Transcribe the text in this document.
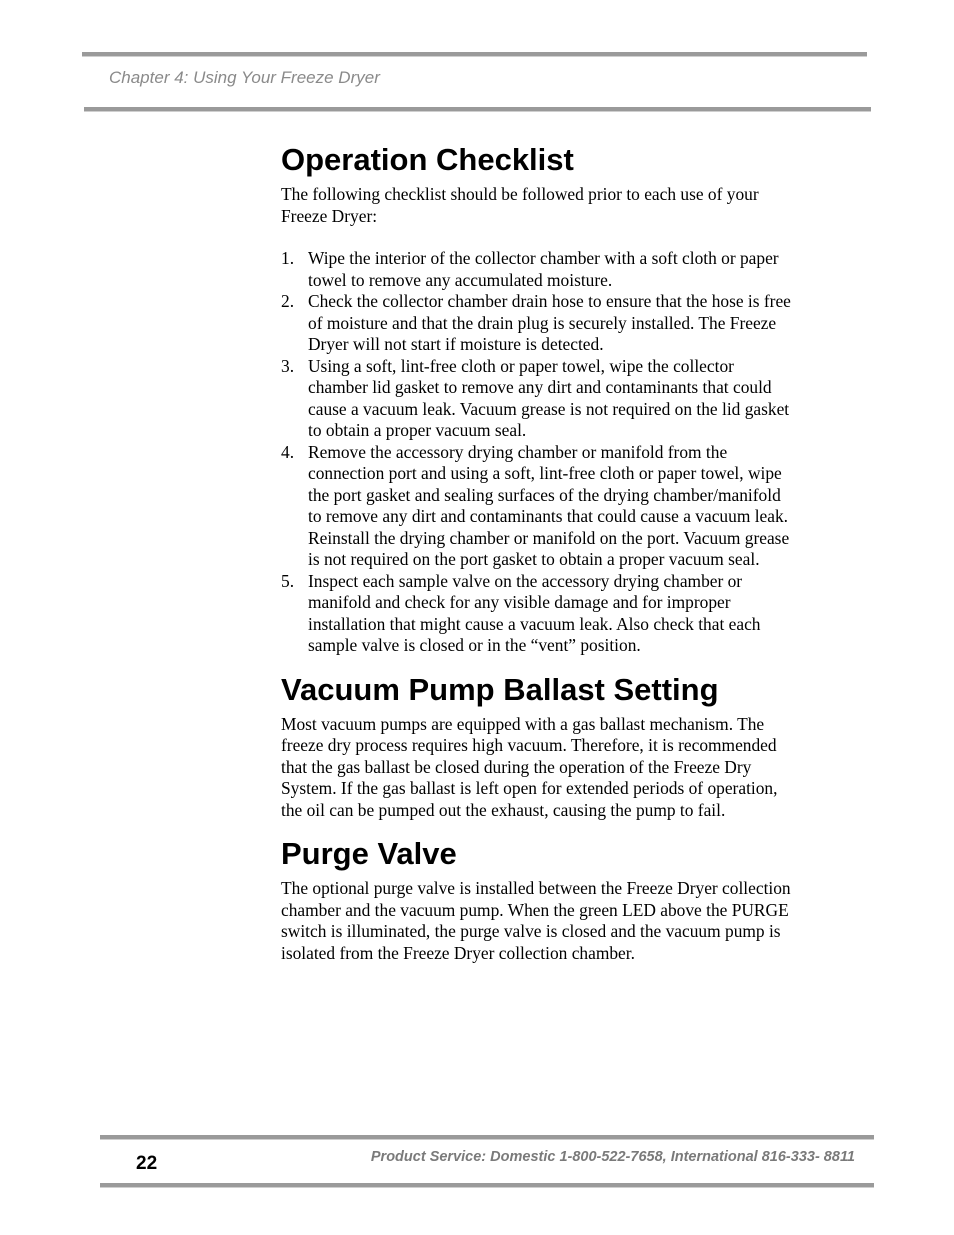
Chapter 4: Using Your Freeze Dryer
Operation Checklist

The following checklist should be followed prior to each use of your Freeze Dryer:

1. Wipe the interior of the collector chamber with a soft cloth or paper towel to remove any accumulated moisture.
2. Check the collector chamber drain hose to ensure that the hose is free of moisture and that the drain plug is securely installed. The Freeze Dryer will not start if moisture is detected.
3. Using a soft, lint-free cloth or paper towel, wipe the collector chamber lid gasket to remove any dirt and contaminants that could cause a vacuum leak. Vacuum grease is not required on the lid gasket to obtain a proper vacuum seal.
4. Remove the accessory drying chamber or manifold from the connection port and using a soft, lint-free cloth or paper towel, wipe the port gasket and sealing surfaces of the drying chamber/manifold to remove any dirt and contaminants that could cause a vacuum leak. Reinstall the drying chamber or manifold on the port. Vacuum grease is not required on the port gasket to obtain a proper vacuum seal.
5. Inspect each sample valve on the accessory drying chamber or manifold and check for any visible damage and for improper installation that might cause a vacuum leak. Also check that each sample valve is closed or in the “vent” position.
Vacuum Pump Ballast Setting

Most vacuum pumps are equipped with a gas ballast mechanism. The freeze dry process requires high vacuum. Therefore, it is recommended that the gas ballast be closed during the operation of the Freeze Dry System. If the gas ballast is left open for extended periods of operation, the oil can be pumped out the exhaust, causing the pump to fail.

Purge Valve

The optional purge valve is installed between the Freeze Dryer collection chamber and the vacuum pump. When the green LED above the PURGE switch is illuminated, the purge valve is closed and the vacuum pump is isolated from the Freeze Dryer collection chamber.

22	Product Service: Domestic 1-800-522-7658, International 816-333- 8811
